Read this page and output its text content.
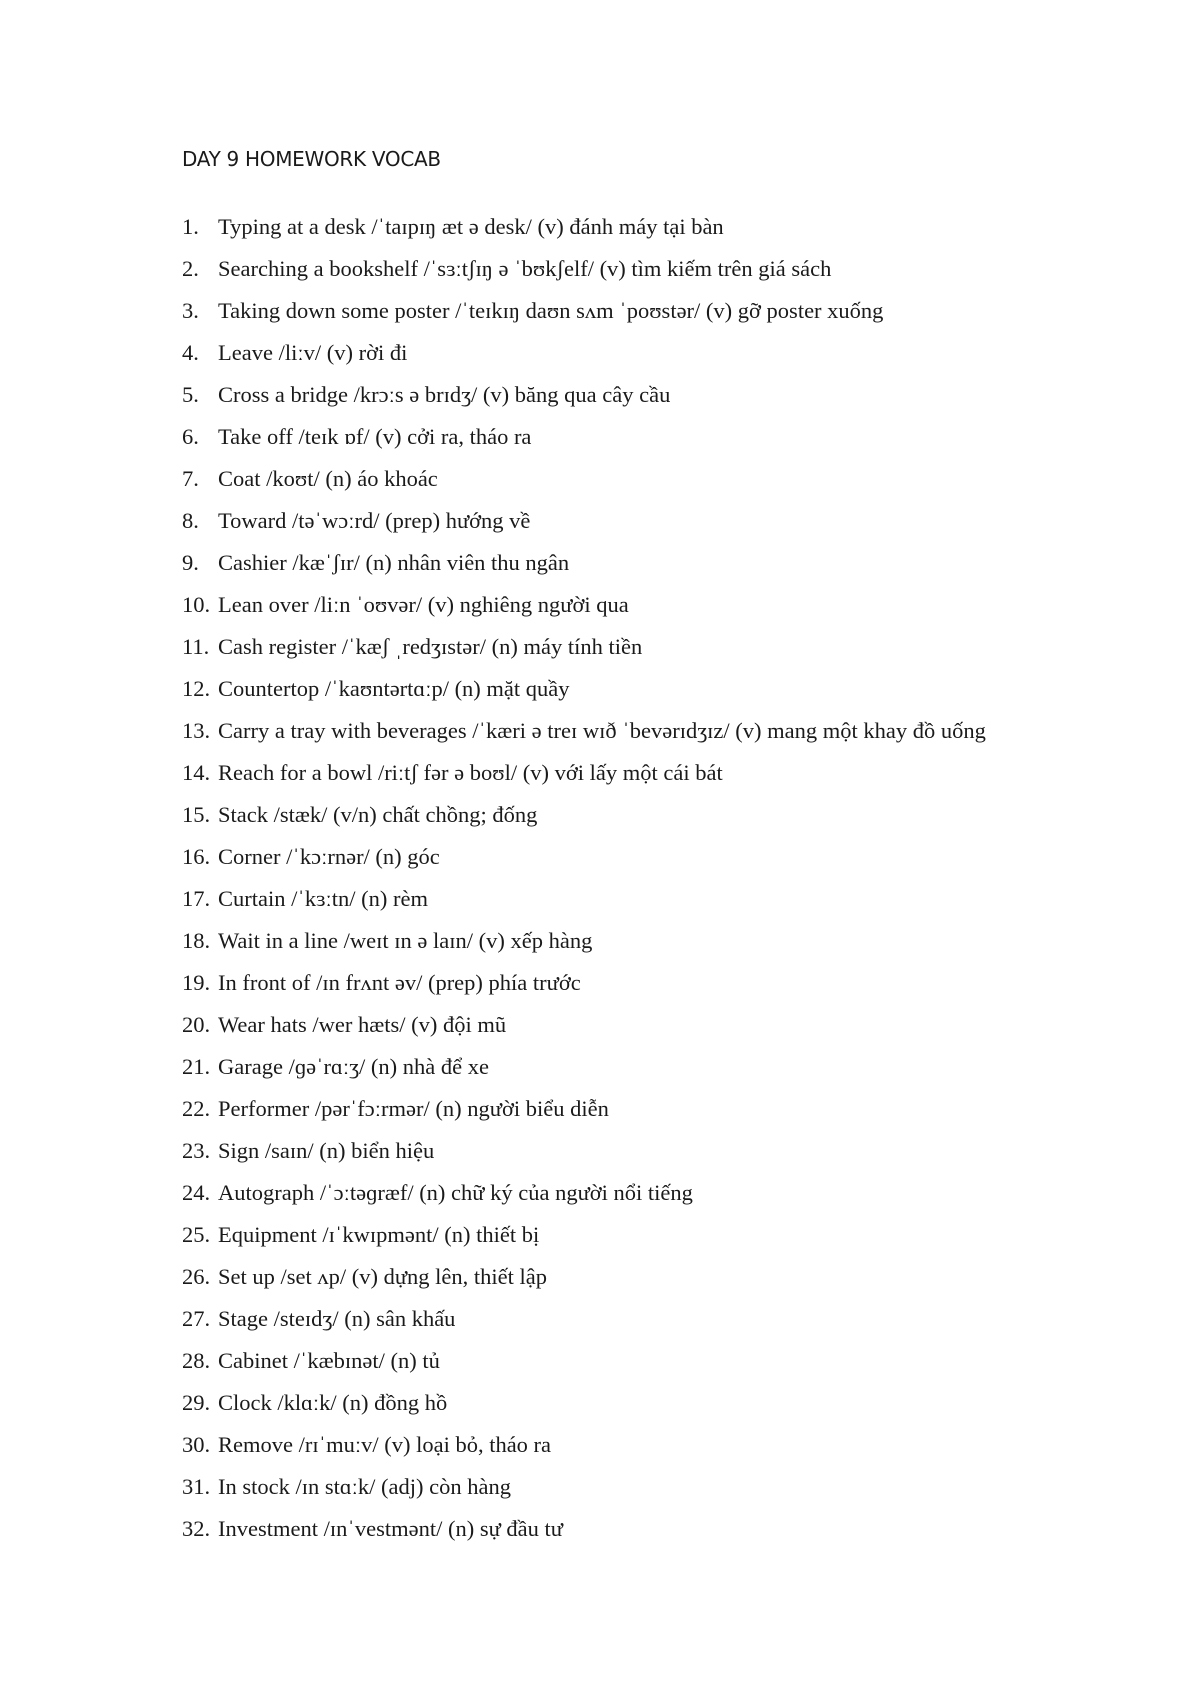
DAY 9 HOMEWORK VOCAB
1. Typing at a desk /ˈtaɪpɪŋ æt ə desk/ (v) đánh máy tại bàn
2. Searching a bookshelf /ˈsɜːtʃɪŋ ə ˈbʊkʃelf/ (v) tìm kiếm trên giá sách
3. Taking down some poster /ˈteɪkɪŋ daʊn sʌm ˈpoʊstər/ (v) gỡ poster xuống
4. Leave /liːv/ (v) rời đi
5. Cross a bridge /krɔːs ə brɪdʒ/ (v) băng qua cây cầu
6. Take off /teɪk ɒf/ (v) cởi ra, tháo ra
7. Coat /koʊt/ (n) áo khoác
8. Toward /təˈwɔːrd/ (prep) hướng về
9. Cashier /kæˈʃɪr/ (n) nhân viên thu ngân
10. Lean over /liːn ˈoʊvər/ (v) nghiêng người qua
11. Cash register /ˈkæʃ ˌredʒɪstər/ (n) máy tính tiền
12. Countertop /ˈkaʊntərtɑːp/ (n) mặt quầy
13. Carry a tray with beverages /ˈkæri ə treɪ wɪð ˈbevərɪdʒɪz/ (v) mang một khay đồ uống
14. Reach for a bowl /riːtʃ fər ə boʊl/ (v) với lấy một cái bát
15. Stack /stæk/ (v/n) chất chồng; đống
16. Corner /ˈkɔːrnər/ (n) góc
17. Curtain /ˈkɜːtn/ (n) rèm
18. Wait in a line /weɪt ɪn ə laɪn/ (v) xếp hàng
19. In front of /ɪn frʌnt əv/ (prep) phía trước
20. Wear hats /wer hæts/ (v) đội mũ
21. Garage /ɡəˈrɑːʒ/ (n) nhà để xe
22. Performer /pərˈfɔːrmər/ (n) người biểu diễn
23. Sign /saɪn/ (n) biển hiệu
24. Autograph /ˈɔːtəɡræf/ (n) chữ ký của người nổi tiếng
25. Equipment /ɪˈkwɪpmənt/ (n) thiết bị
26. Set up /set ʌp/ (v) dựng lên, thiết lập
27. Stage /steɪdʒ/ (n) sân khấu
28. Cabinet /ˈkæbɪnət/ (n) tủ
29. Clock /klɑːk/ (n) đồng hồ
30. Remove /rɪˈmuːv/ (v) loại bỏ, tháo ra
31. In stock /ɪn stɑːk/ (adj) còn hàng
32. Investment /ɪnˈvestmənt/ (n) sự đầu tư
